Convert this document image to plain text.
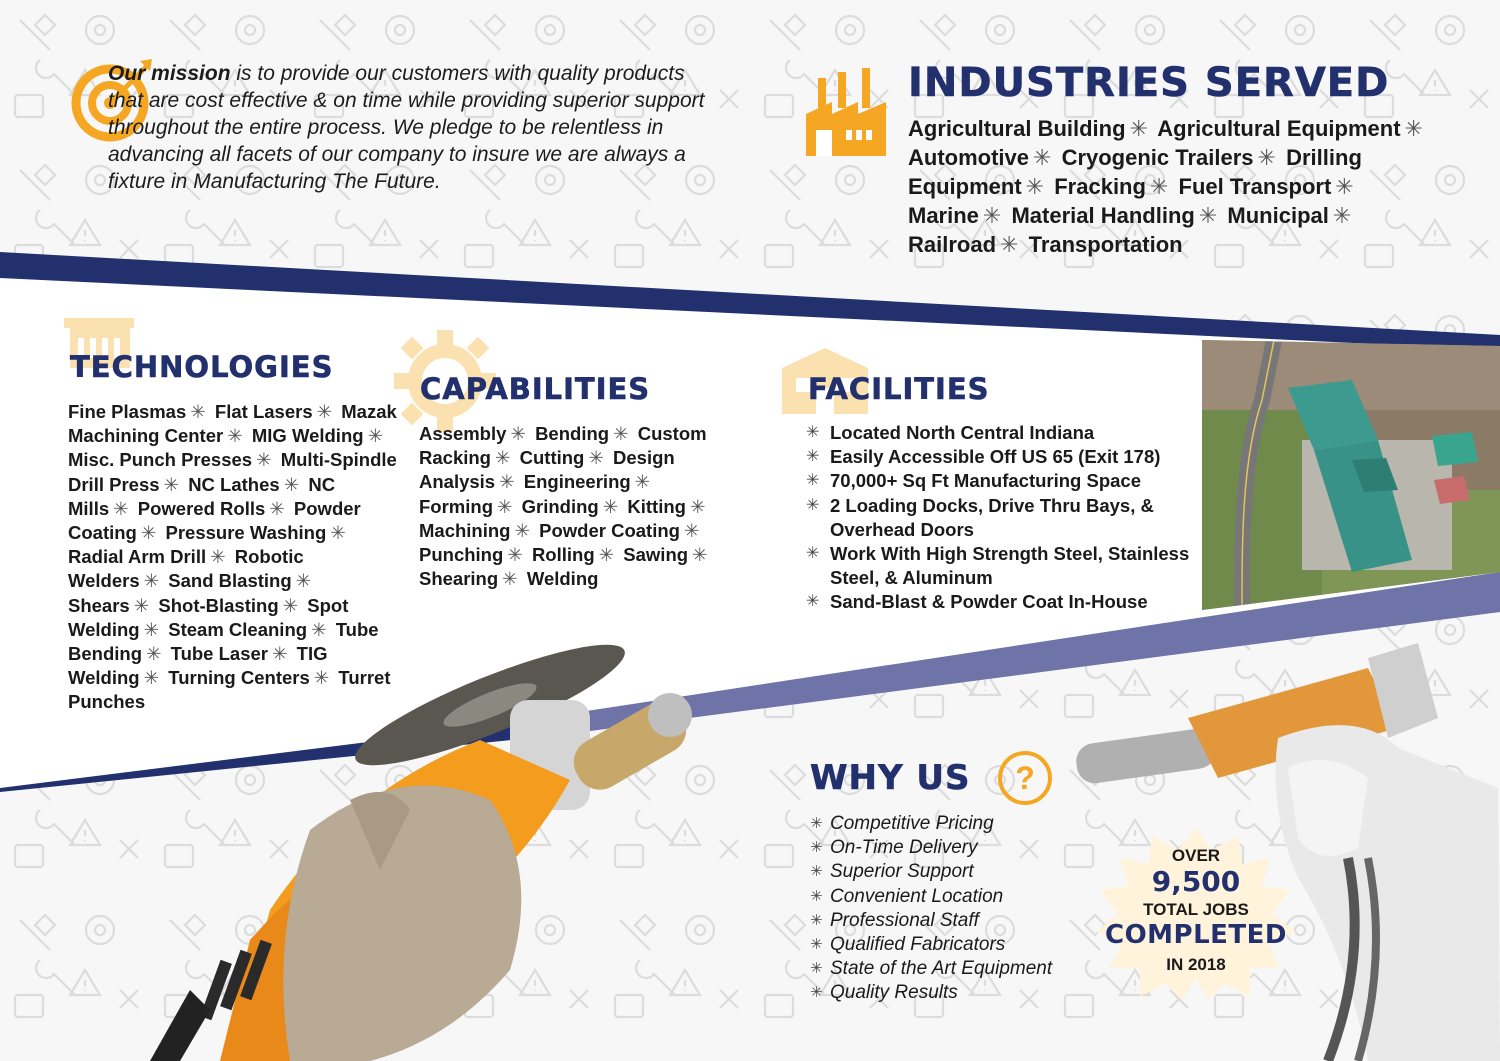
Our mission is to provide our customers with quality products that are cost effective & on time while providing superior support throughout the entire process. We pledge to be relentless in advancing all facets of our company to insure we are always a fixture in Manufacturing The Future.
INDUSTRIES SERVED
Agricultural Building ✳ Agricultural Equipment ✳ Automotive ✳ Cryogenic Trailers ✳ Drilling Equipment ✳ Fracking ✳ Fuel Transport ✳ Marine ✳ Material Handling ✳ Municipal ✳ Railroad ✳ Transportation
TECHNOLOGIES
Fine Plasmas ✳ Flat Lasers ✳ Mazak Machining Center ✳ MIG Welding ✳ Misc. Punch Presses ✳ Multi-Spindle Drill Press ✳ NC Lathes ✳ NC Mills ✳ Powered Rolls ✳ Powder Coating ✳ Pressure Washing ✳ Radial Arm Drill ✳ Robotic Welders ✳ Sand Blasting ✳ Shears ✳ Shot-Blasting ✳ Spot Welding ✳ Steam Cleaning ✳ Tube Bending ✳ Tube Laser ✳ TIG Welding ✳ Turning Centers ✳ Turret Punches
CAPABILITIES
Assembly ✳ Bending ✳ Custom Racking ✳ Cutting ✳ Design Analysis ✳ Engineering ✳ Forming ✳ Grinding ✳ Kitting ✳ Machining ✳ Powder Coating ✳ Punching ✳ Rolling ✳ Sawing ✳ Shearing ✳ Welding
FACILITIES
✳ Located North Central Indiana
✳ Easily Accessible Off US 65 (Exit 178)
✳ 70,000+ Sq Ft Manufacturing Space
✳ 2 Loading Docks, Drive Thru Bays, & Overhead Doors
✳ Work With High Strength Steel, Stainless Steel, & Aluminum
✳ Sand-Blast & Powder Coat In-House
WHY US	?
✳ Competitive Pricing
✳ On-Time Delivery
✳ Superior Support
✳ Convenient Location
✳ Professional Staff
✳ Qualified Fabricators
✳ State of the Art Equipment
✳ Quality Results
OVER
9,500
TOTAL JOBS
COMPLETED
IN 2018
